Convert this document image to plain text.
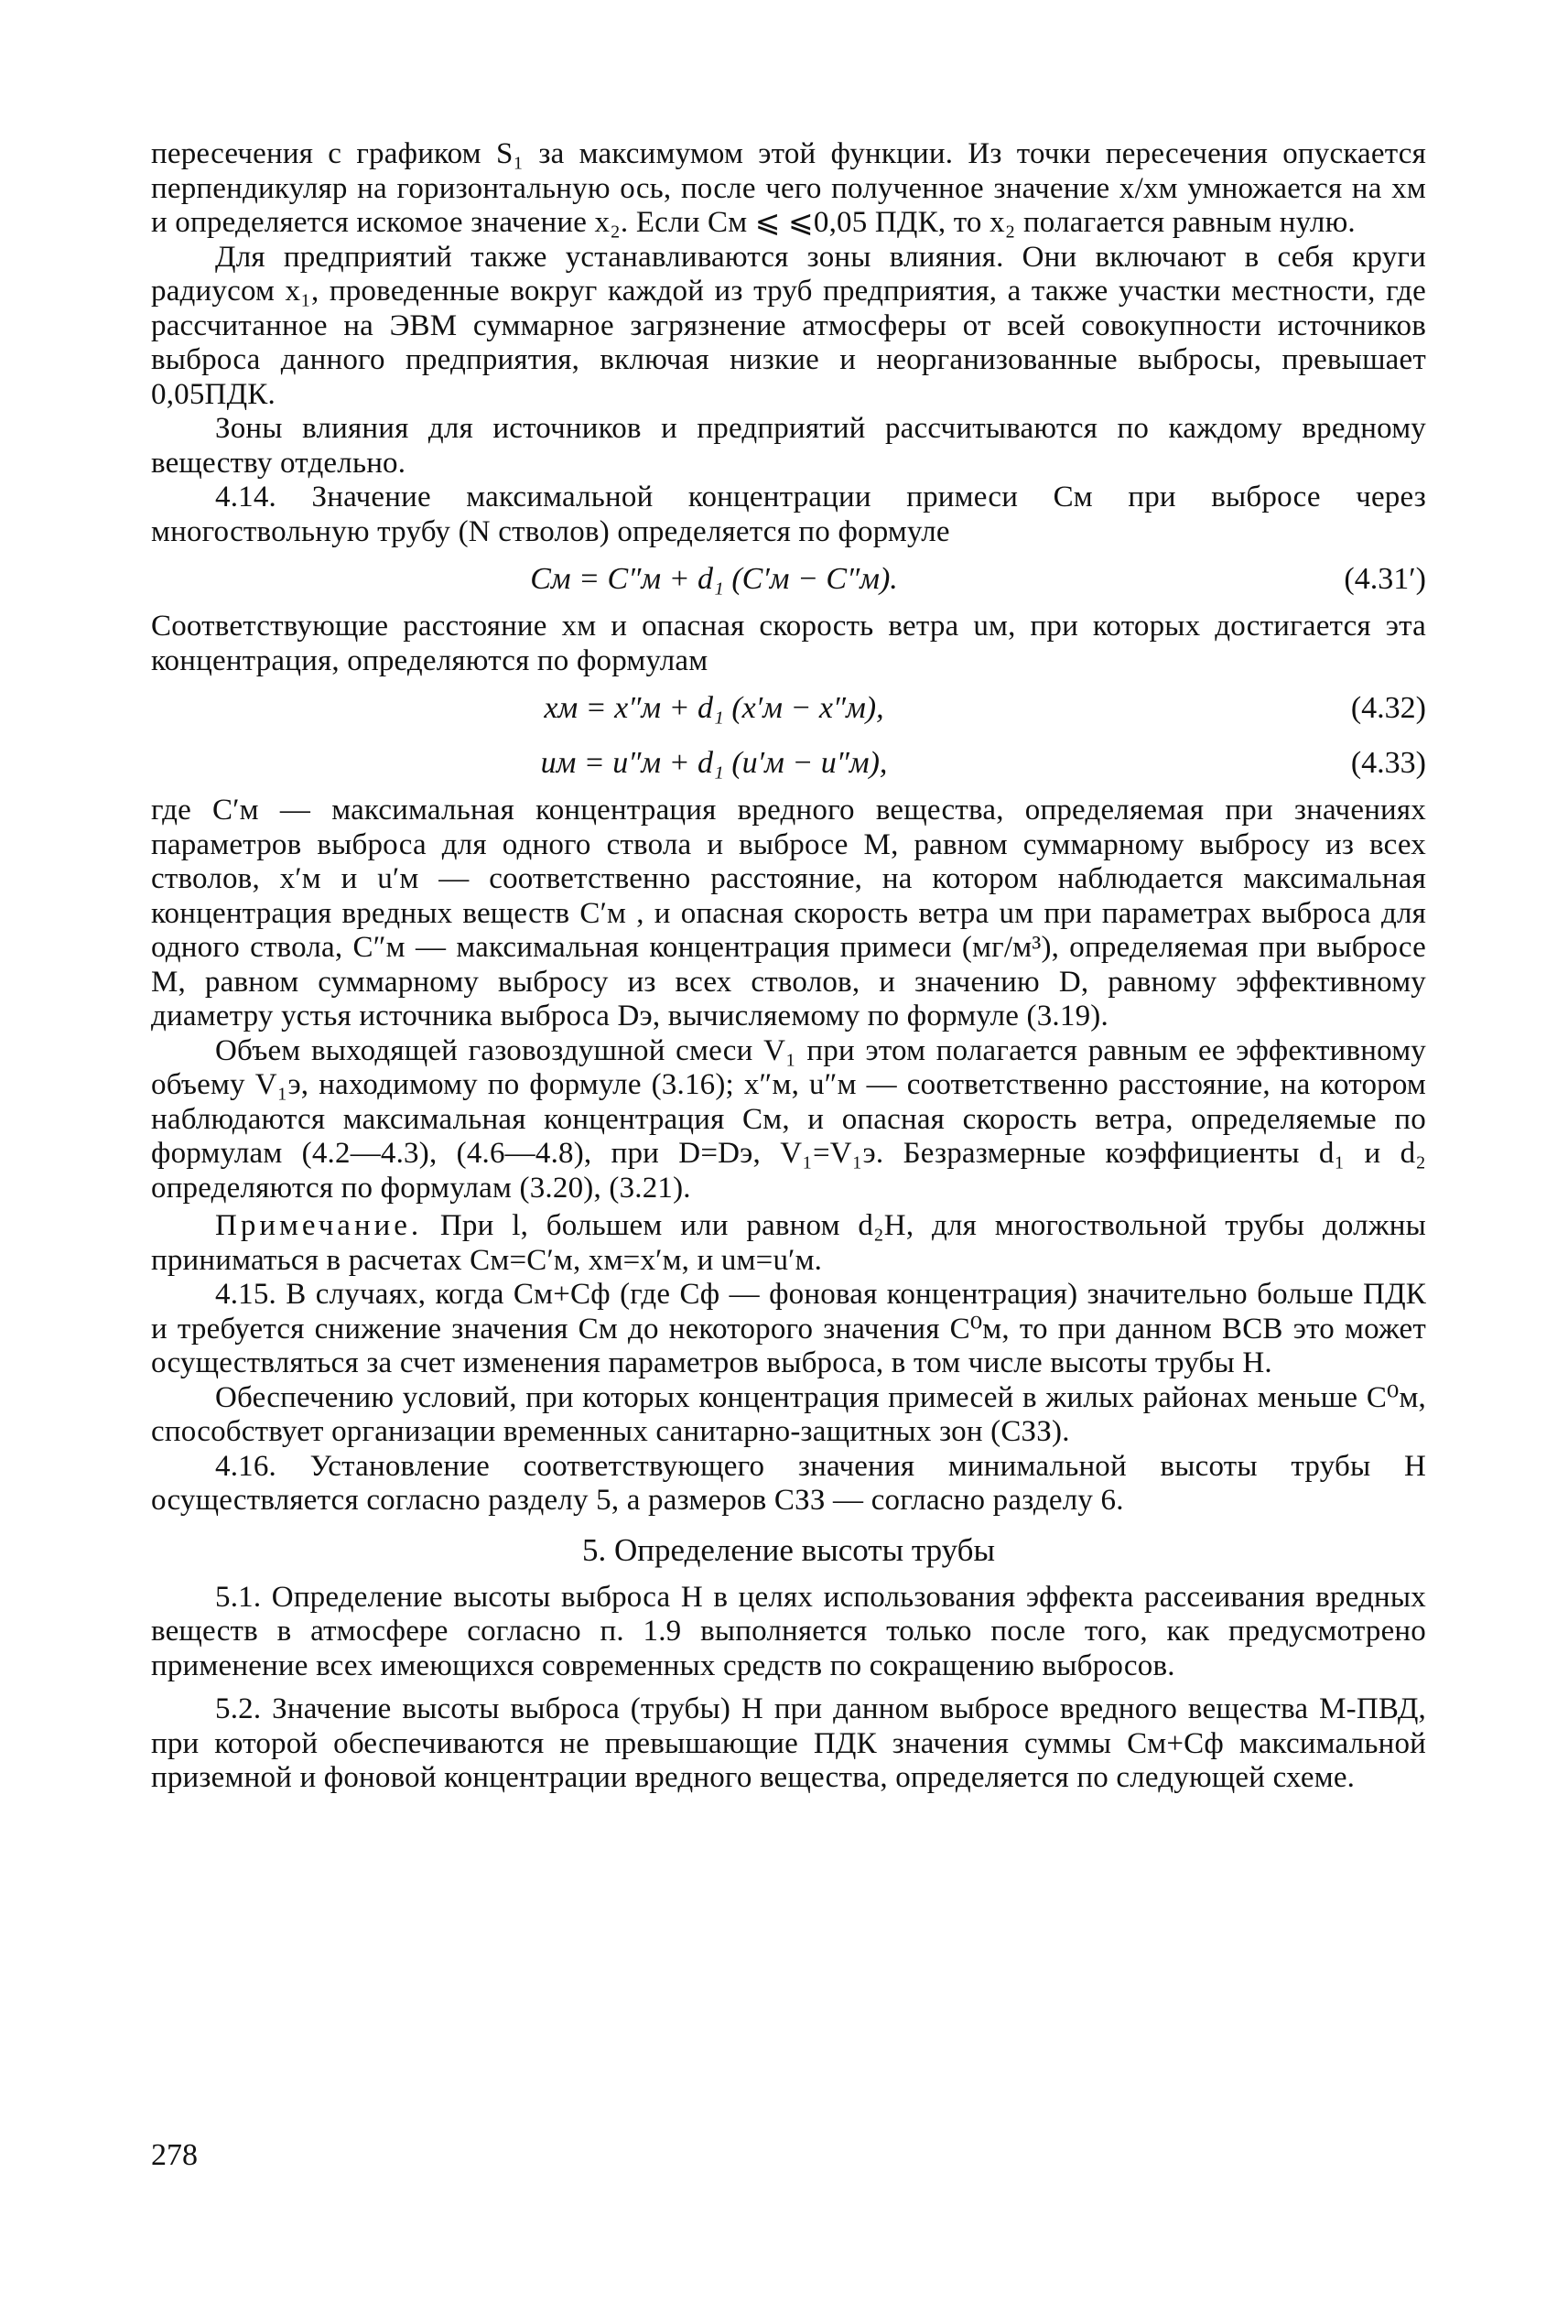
пересечения с графиком S₁ за максимумом этой функции. Из точки пересечения опускается перпендикуляр на горизонтальную ось, после чего полученное значение x/xм умножается на xм и определяется искомое значение x₂. Если Cм ⩽ ⩽0,05 ПДК, то x₂ полагается равным нулю.

Для предприятий также устанавливаются зоны влияния. Они включают в себя круги радиусом x₁, проведенные вокруг каждой из труб предприятия, а также участки местности, где рассчитанное на ЭВМ суммарное загрязнение атмосферы от всей совокупности источников выброса данного предприятия, включая низкие и неорганизованные выбросы, превышает 0,05ПДК.

Зоны влияния для источников и предприятий рассчитываются по каждому вредному веществу отдельно.

4.14. Значение максимальной концентрации примеси Cм при выбросе через многоствольную трубу (N стволов) определяется по формуле

Cм = C″м + d₁ (C′м − C″м).	(4.31′)

Соответствующие расстояние xм и опасная скорость ветра uм, при которых достигается эта концентрация, определяются по формулам

xм = x″м + d₁ (x′м − x″м),	(4.32)
uм = u″м + d₁ (u′м − u″м),	(4.33)

где C′м — максимальная концентрация вредного вещества, определяемая при значениях параметров выброса для одного ствола и выбросе M, равном суммарному выбросу из всех стволов, x′м и u′м — соответственно расстояние, на котором наблюдается максимальная концентрация вредных веществ C′м , и опасная скорость ветра uм при параметрах выброса для одного ствола, C″м — максимальная концентрация примеси (мг/м³), определяемая при выбросе M, равном суммарному выбросу из всех стволов, и значению D, равному эффективному диаметру устья источника выброса Dэ, вычисляемому по формуле (3.19).

Объем выходящей газовоздушной смеси V₁ при этом полагается равным ее эффективному объему V₁э, находимому по формуле (3.16); x″м, u″м — соответственно расстояние, на котором наблюдаются максимальная концентрация Cм, и опасная скорость ветра, определяемые по формулам (4.2—4.3), (4.6—4.8), при D=Dэ, V₁=V₁э. Безразмерные коэффициенты d₁ и d₂ определяются по формулам (3.20), (3.21).

Примечание. При l, большем или равном d₂H, для многоствольной трубы должны приниматься в расчетах Cм=C′м, xм=x′м, и uм=u′м.

4.15. В случаях, когда Cм+Cф (где Cф — фоновая концентрация) значительно больше ПДК и требуется снижение значения Cм до некоторого значения C⁰м, то при данном ВСВ это может осуществляться за счет изменения параметров выброса, в том числе высоты трубы H.

Обеспечению условий, при которых концентрация примесей в жилых районах меньше C⁰м, способствует организации временных санитарно-защитных зон (СЗЗ).

4.16. Установление соответствующего значения минимальной высоты трубы H осуществляется согласно разделу 5, а размеров СЗЗ — согласно разделу 6.

5. Определение высоты трубы

5.1. Определение высоты выброса H в целях использования эффекта рассеивания вредных веществ в атмосфере согласно п. 1.9 выполняется только после того, как предусмотрено применение всех имеющихся современных средств по сокращению выбросов.

5.2. Значение высоты выброса (трубы) H при данном выбросе вредного вещества M-ПВД, при которой обеспечиваются не превышающие ПДК значения суммы Cм+Cф максимальной приземной и фоновой концентрации вредного вещества, определяется по следующей схеме.

278
